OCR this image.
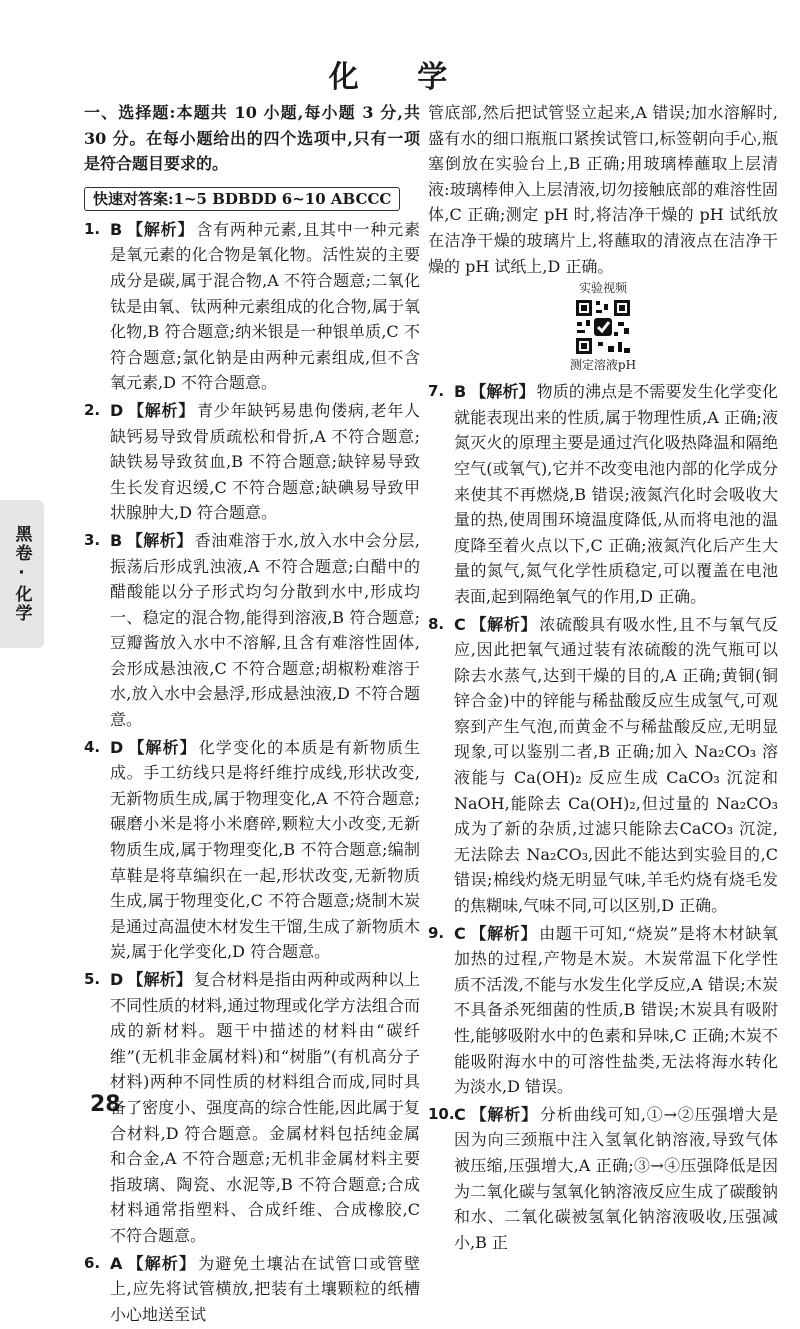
化 学

一、选择题:本题共 10 小题,每小题 3 分,共 30 分。在每小题给出的四个选项中,只有一项是符合题目要求的。

快速对答案:1~5 BDBDD 6~10 ABCCC
1. B 【解析】 含有两种元素,且其中一种元素是氧元素的化合物是氧化物。活性炭的主要成分是碳,属于混合物,A 不符合题意;二氧化钛是由氧、钛两种元素组成的化合物,属于氧化物,B 符合题意;纳米银是一种银单质,C 不符合题意;氯化钠是由两种元素组成,但不含氧元素,D 不符合题意。
2. D 【解析】 青少年缺钙易患佝偻病,老年人缺钙易导致骨质疏松和骨折,A 不符合题意;缺铁易导致贫血,B 不符合题意;缺锌易导致生长发育迟缓,C 不符合题意;缺碘易导致甲状腺肿大,D 符合题意。
3. B 【解析】 香油难溶于水,放入水中会分层,振荡后形成乳浊液,A 不符合题意;白醋中的醋酸能以分子形式均匀分散到水中,形成均一、稳定的混合物,能得到溶液,B 符合题意;豆瓣酱放入水中不溶解,且含有难溶性固体,会形成悬浊液,C 不符合题意;胡椒粉难溶于水,放入水中会悬浮,形成悬浊液,D 不符合题意。
4. D 【解析】 化学变化的本质是有新物质生成。手工纺线只是将纤维拧成线,形状改变,无新物质生成,属于物理变化,A 不符合题意;碾磨小米是将小米磨碎,颗粒大小改变,无新物质生成,属于物理变化,B 不符合题意;编制草鞋是将草编织在一起,形状改变,无新物质生成,属于物理变化,C 不符合题意;烧制木炭是通过高温使木材发生干馏,生成了新物质木炭,属于化学变化,D 符合题意。
5. D 【解析】 复合材料是指由两种或两种以上不同性质的材料,通过物理或化学方法组合而成的新材料。题干中描述的材料由“碳纤维”(无机非金属材料)和“树脂”(有机高分子材料)两种不同性质的材料组合而成,同时具备了密度小、强度高的综合性能,因此属于复合材料,D 符合题意。金属材料包括纯金属和合金,A 不符合题意;无机非金属材料主要指玻璃、陶瓷、水泥等,B 不符合题意;合成材料通常指塑料、合成纤维、合成橡胶,C 不符合题意。
6. A 【解析】 为避免土壤沾在试管口或管壁上,应先将试管横放,把装有土壤颗粒的纸槽小心地送至试

管底部,然后把试管竖立起来,A 错误;加水溶解时,盛有水的细口瓶瓶口紧挨试管口,标签朝向手心,瓶塞倒放在实验台上,B 正确;用玻璃棒蘸取上层清液:玻璃棒伸入上层清液,切勿接触底部的难溶性固体,C 正确;测定 pH 时,将洁净干燥的 pH 试纸放在洁净干燥的玻璃片上,将蘸取的清液点在洁净干燥的 pH 试纸上,D 正确。

实验视频
测定溶液pH
7. B 【解析】 物质的沸点是不需要发生化学变化就能表现出来的性质,属于物理性质,A 正确;液氮灭火的原理主要是通过汽化吸热降温和隔绝空气(或氧气),它并不改变电池内部的化学成分来使其不再燃烧,B 错误;液氮汽化时会吸收大量的热,使周围环境温度降低,从而将电池的温度降至着火点以下,C 正确;液氮汽化后产生大量的氮气,氮气化学性质稳定,可以覆盖在电池表面,起到隔绝氧气的作用,D 正确。
8. C 【解析】 浓硫酸具有吸水性,且不与氧气反应,因此把氧气通过装有浓硫酸的洗气瓶可以除去水蒸气,达到干燥的目的,A 正确;黄铜(铜锌合金)中的锌能与稀盐酸反应生成氢气,可观察到产生气泡,而黄金不与稀盐酸反应,无明显现象,可以鉴别二者,B 正确;加入 Na₂CO₃ 溶液能与 Ca(OH)₂ 反应生成 CaCO₃ 沉淀和 NaOH,能除去 Ca(OH)₂,但过量的 Na₂CO₃ 成为了新的杂质,过滤只能除去CaCO₃ 沉淀,无法除去 Na₂CO₃,因此不能达到实验目的,C 错误;棉线灼烧无明显气味,羊毛灼烧有烧毛发的焦糊味,气味不同,可以区别,D 正确。
9. C 【解析】 由题干可知,“烧炭”是将木材缺氧加热的过程,产物是木炭。木炭常温下化学性质不活泼,不能与水发生化学反应,A 错误;木炭不具备杀死细菌的性质,B 错误;木炭具有吸附性,能够吸附水中的色素和异味,C 正确;木炭不能吸附海水中的可溶性盐类,无法将海水转化为淡水,D 错误。
10. C 【解析】 分析曲线可知,①→②压强增大是因为向三颈瓶中注入氢氧化钠溶液,导致气体被压缩,压强增大,A 正确;③→④压强降低是因为二氧化碳与氢氧化钠溶液反应生成了碳酸钠和水、二氧化碳被氢氧化钠溶液吸收,压强减小,B 正
黑卷·化学
28
